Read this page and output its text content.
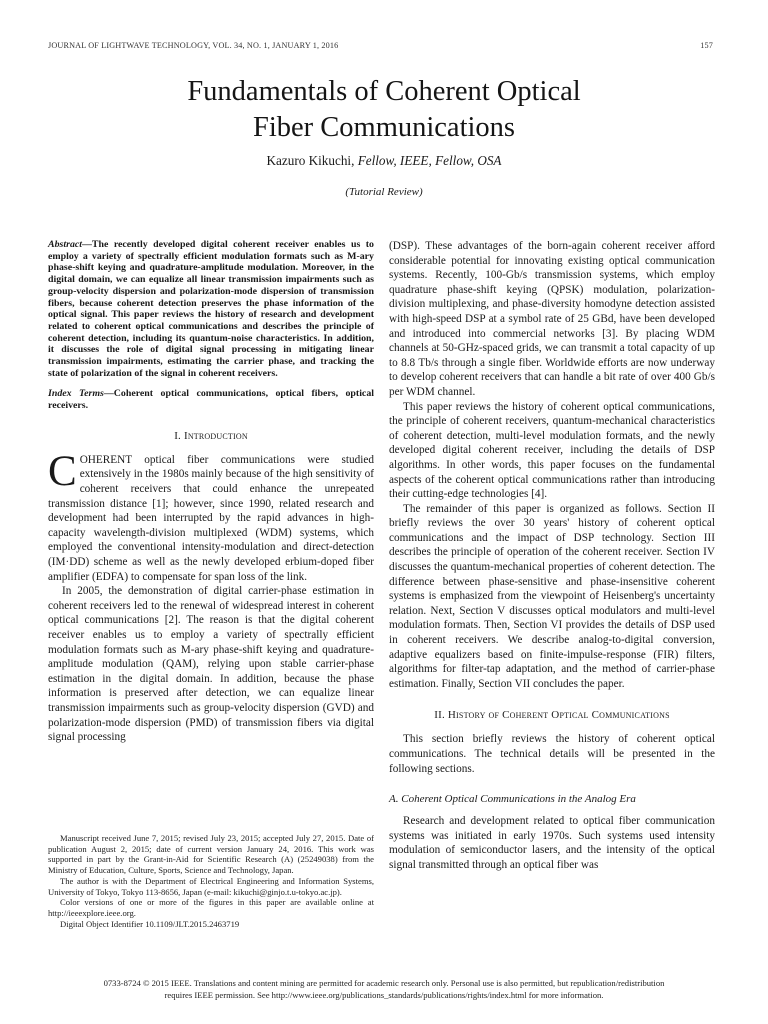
JOURNAL OF LIGHTWAVE TECHNOLOGY, VOL. 34, NO. 1, JANUARY 1, 2016	157
Fundamentals of Coherent Optical
Fiber Communications
Kazuro Kikuchi, Fellow, IEEE, Fellow, OSA
(Tutorial Review)

Abstract—The recently developed digital coherent receiver enables us to employ a variety of spectrally efficient modulation formats such as M-ary phase-shift keying and quadrature-amplitude modulation. Moreover, in the digital domain, we can equalize all linear transmission impairments such as group-velocity dispersion and polarization-mode dispersion of transmission fibers, because coherent detection preserves the phase information of the optical signal. This paper reviews the history of research and development related to coherent optical communications and describes the principle of coherent detection, including its quantum-noise characteristics. In addition, it discusses the role of digital signal processing in mitigating linear transmission impairments, estimating the carrier phase, and tracking the state of polarization of the signal in coherent receivers.

Index Terms—Coherent optical communications, optical fibers, optical receivers.

I. Introduction

COHERENT optical fiber communications were studied extensively in the 1980s mainly because of the high sensitivity of coherent receivers that could enhance the unrepeated transmission distance [1]; however, since 1990, related research and development had been interrupted by the rapid advances in high-capacity wavelength-division multiplexed (WDM) systems, which employed the conventional intensity-modulation and direct-detection (IM·DD) scheme as well as the newly developed erbium-doped fiber amplifier (EDFA) to compensate for span loss of the link.

In 2005, the demonstration of digital carrier-phase estimation in coherent receivers led to the renewal of widespread interest in coherent optical communications [2]. The reason is that the digital coherent receiver enables us to employ a variety of spectrally efficient modulation formats such as M-ary phase-shift keying and quadrature-amplitude modulation (QAM), relying upon stable carrier-phase estimation in the digital domain. In addition, because the phase information is preserved after detection, we can equalize linear transmission impairments such as group-velocity dispersion (GVD) and polarization-mode dispersion (PMD) of transmission fibers via digital signal processing

Manuscript received June 7, 2015; revised July 23, 2015; accepted July 27, 2015. Date of publication August 2, 2015; date of current version January 24, 2016. This work was supported in part by the Grant-in-Aid for Scientific Research (A) (25249038) from the Ministry of Education, Culture, Sports, Science and Technology, Japan.

The author is with the Department of Electrical Engineering and Information Systems, University of Tokyo, Tokyo 113-8656, Japan (e-mail: kikuchi@ginjo.t.u-tokyo.ac.jp).

Color versions of one or more of the figures in this paper are available online at http://ieeexplore.ieee.org.

Digital Object Identifier 10.1109/JLT.2015.2463719

(DSP). These advantages of the born-again coherent receiver afford considerable potential for innovating existing optical communication systems. Recently, 100-Gb/s transmission systems, which employ quadrature phase-shift keying (QPSK) modulation, polarization-division multiplexing, and phase-diversity homodyne detection assisted with high-speed DSP at a symbol rate of 25 GBd, have been developed and introduced into commercial networks [3]. By placing WDM channels at 50-GHz-spaced grids, we can transmit a total capacity of up to 8.8 Tb/s through a single fiber. Worldwide efforts are now underway to develop coherent receivers that can handle a bit rate of over 400 Gb/s per WDM channel.

This paper reviews the history of coherent optical communications, the principle of coherent receivers, quantum-mechanical characteristics of coherent detection, multi-level modulation formats, and the newly developed digital coherent receiver, including the details of DSP algorithms. In other words, this paper focuses on the fundamental aspects of the coherent optical communications rather than introducing their cutting-edge technologies [4].

The remainder of this paper is organized as follows. Section II briefly reviews the over 30 years' history of coherent optical communications and the impact of DSP technology. Section III describes the principle of operation of the coherent receiver. Section IV discusses the quantum-mechanical properties of coherent detection. The difference between phase-sensitive and phase-insensitive coherent systems is emphasized from the viewpoint of Heisenberg's uncertainty relation. Next, Section V discusses optical modulators and multi-level modulation formats. Then, Section VI provides the details of DSP used in coherent receivers. We describe analog-to-digital conversion, adaptive equalizers based on finite-impulse-response (FIR) filters, algorithms for filter-tap adaptation, and the method of carrier-phase estimation. Finally, Section VII concludes the paper.

II. History of Coherent Optical Communications

This section briefly reviews the history of coherent optical communications. The technical details will be presented in the following sections.

A. Coherent Optical Communications in the Analog Era

Research and development related to optical fiber communication systems was initiated in early 1970s. Such systems used intensity modulation of semiconductor lasers, and the intensity of the optical signal transmitted through an optical fiber was

0733-8724 © 2015 IEEE. Translations and content mining are permitted for academic research only. Personal use is also permitted, but republication/redistribution
requires IEEE permission. See http://www.ieee.org/publications_standards/publications/rights/index.html for more information.
